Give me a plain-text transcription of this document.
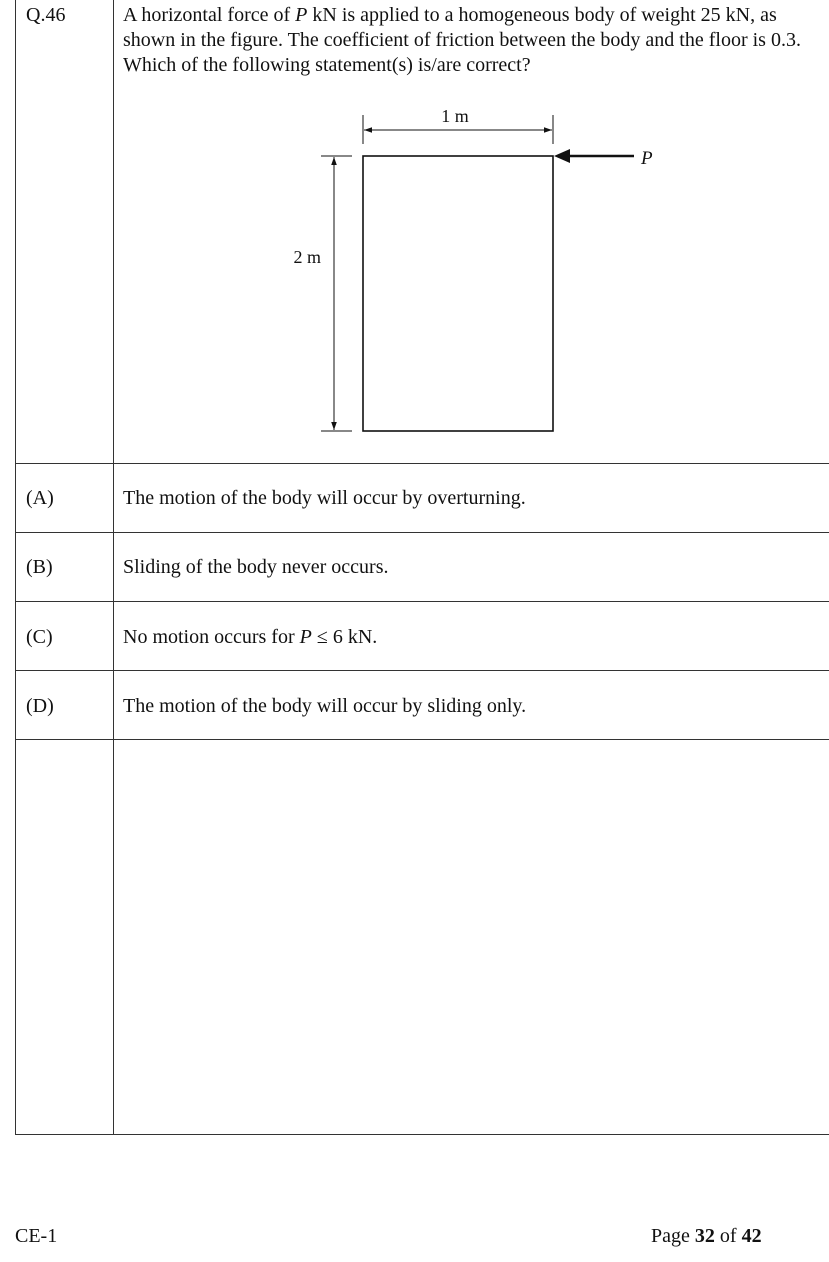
Q.46	A horizontal force of P kN is applied to a homogeneous body of weight 25 kN, as shown in the figure. The coefficient of friction between the body and the floor is 0.3. Which of the following statement(s) is/are correct?
1 m
2 m
P
(A)	The motion of the body will occur by overturning.
(B)	Sliding of the body never occurs.
(C)	No motion occurs for P ≤ 6 kN.
(D)	The motion of the body will occur by sliding only.
CE-1	Page 32 of 42
